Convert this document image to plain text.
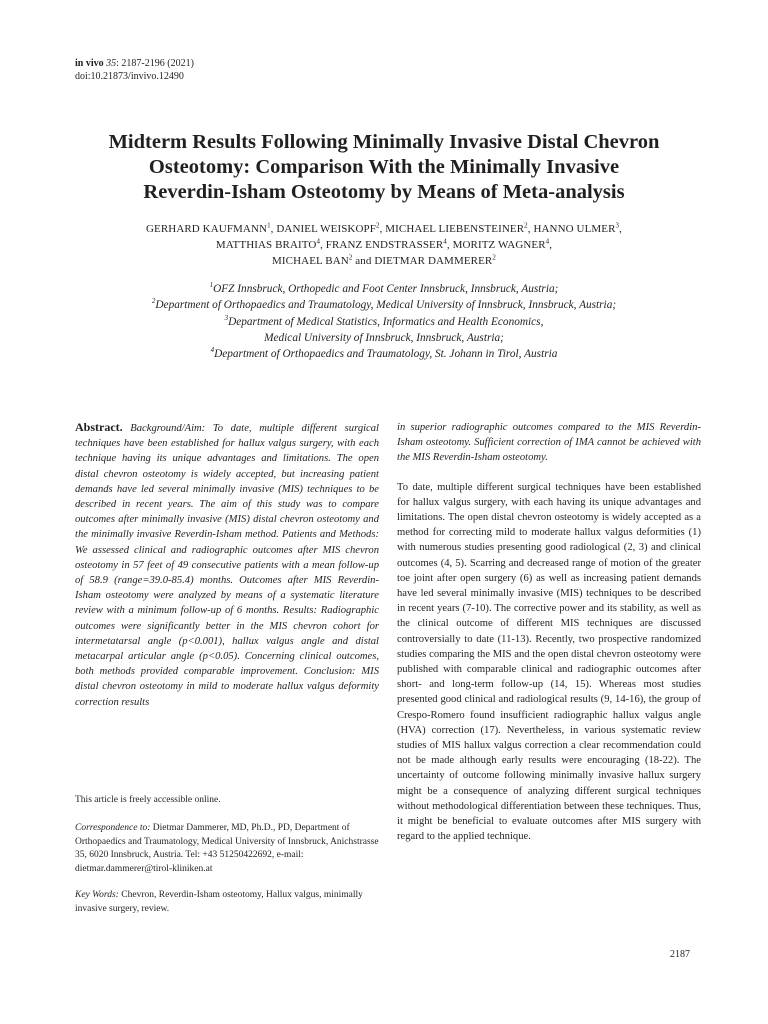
in vivo 35: 2187-2196 (2021)
doi:10.21873/invivo.12490
Midterm Results Following Minimally Invasive Distal Chevron
Osteotomy: Comparison With the Minimally Invasive
Reverdin-Isham Osteotomy by Means of Meta-analysis
GERHARD KAUFMANN$^1$, DANIEL WEISKOPF$^2$, MICHAEL LIEBENSTEINER$^2$, HANNO ULMER$^3$,
MATTHIAS BRAITO$^4$, FRANZ ENDSTRASSER$^4$, MORITZ WAGNER$^4$,
MICHAEL BAN$^2$ and DIETMAR DAMMERER$^2$
$^1$OFZ Innsbruck, Orthopedic and Foot Center Innsbruck, Innsbruck, Austria;
$^2$Department of Orthopaedics and Traumatology, Medical University of Innsbruck, Innsbruck, Austria;
$^3$Department of Medical Statistics, Informatics and Health Economics,
Medical University of Innsbruck, Innsbruck, Austria;
$^4$Department of Orthopaedics and Traumatology, St. Johann in Tirol, Austria

Abstract. Background/Aim: To date, multiple different surgical techniques have been established for hallux valgus surgery, with each technique having its unique advantages and limitations. The open distal chevron osteotomy is widely accepted, but increasing patient demands have led several minimally invasive (MIS) techniques to be described in recent years. The aim of this study was to compare outcomes after minimally invasive (MIS) distal chevron osteotomy and the minimally invasive Reverdin-Isham method. Patients and Methods: We assessed clinical and radiographic outcomes after MIS chevron osteotomy in 57 feet of 49 consecutive patients with a mean follow-up of 58.9 (range=39.0-85.4) months. Outcomes after MIS Reverdin-Isham osteotomy were analyzed by means of a systematic literature review with a minimum follow-up of 6 months. Results: Radiographic outcomes were significantly better in the MIS chevron cohort for intermetatarsal angle (p<0.001), hallux valgus angle and distal metacarpal articular angle (p<0.05). Concerning clinical outcomes, both methods provided comparable improvement. Conclusion: MIS distal chevron osteotomy in mild to moderate hallux valgus deformity correction results

This article is freely accessible online.

Correspondence to: Dietmar Dammerer, MD, Ph.D., PD, Department of Orthopaedics and Traumatology, Medical University of Innsbruck, Anichstrasse 35, 6020 Innsbruck, Austria. Tel: +43 51250422692, e-mail: dietmar.dammerer@tirol-kliniken.at

Key Words: Chevron, Reverdin-Isham osteotomy, Hallux valgus, minimally invasive surgery, review.

in superior radiographic outcomes compared to the MIS Reverdin-Isham osteotomy. Sufficient correction of IMA cannot be achieved with the MIS Reverdin-Isham osteotomy.

To date, multiple different surgical techniques have been established for hallux valgus surgery, with each having its unique advantages and limitations. The open distal chevron osteotomy is widely accepted as a method for correcting mild to moderate hallux valgus deformities (1) with numerous studies presenting good radiological (2, 3) and clinical outcomes (4, 5). Scarring and decreased range of motion of the greater toe joint after open surgery (6) as well as increasing patient demands have led several minimally invasive (MIS) techniques to be described in recent years (7-10). The corrective power and its stability, as well as the clinical outcome of different MIS techniques are discussed controversially to date (11-13). Recently, two prospective randomized studies comparing the MIS and the open distal chevron osteotomy were published with comparable clinical and radiographic outcomes after short- and long-term follow-up (14, 15). Whereas most studies presented good clinical and radiological results (9, 14-16), the group of Crespo-Romero found insufficient radiographic hallux valgus angle (HVA) correction (17). Nevertheless, in various systematic review studies of MIS hallux valgus correction a clear recommendation could not be made although early results were encouraging (18-22). The uncertainty of outcome following minimally invasive hallux surgery might be a consequence of analyzing different surgical techniques without methodological differentiation between these techniques. Thus, it might be beneficial to evaluate outcomes after MIS surgery with regard to the applied technique.

2187
